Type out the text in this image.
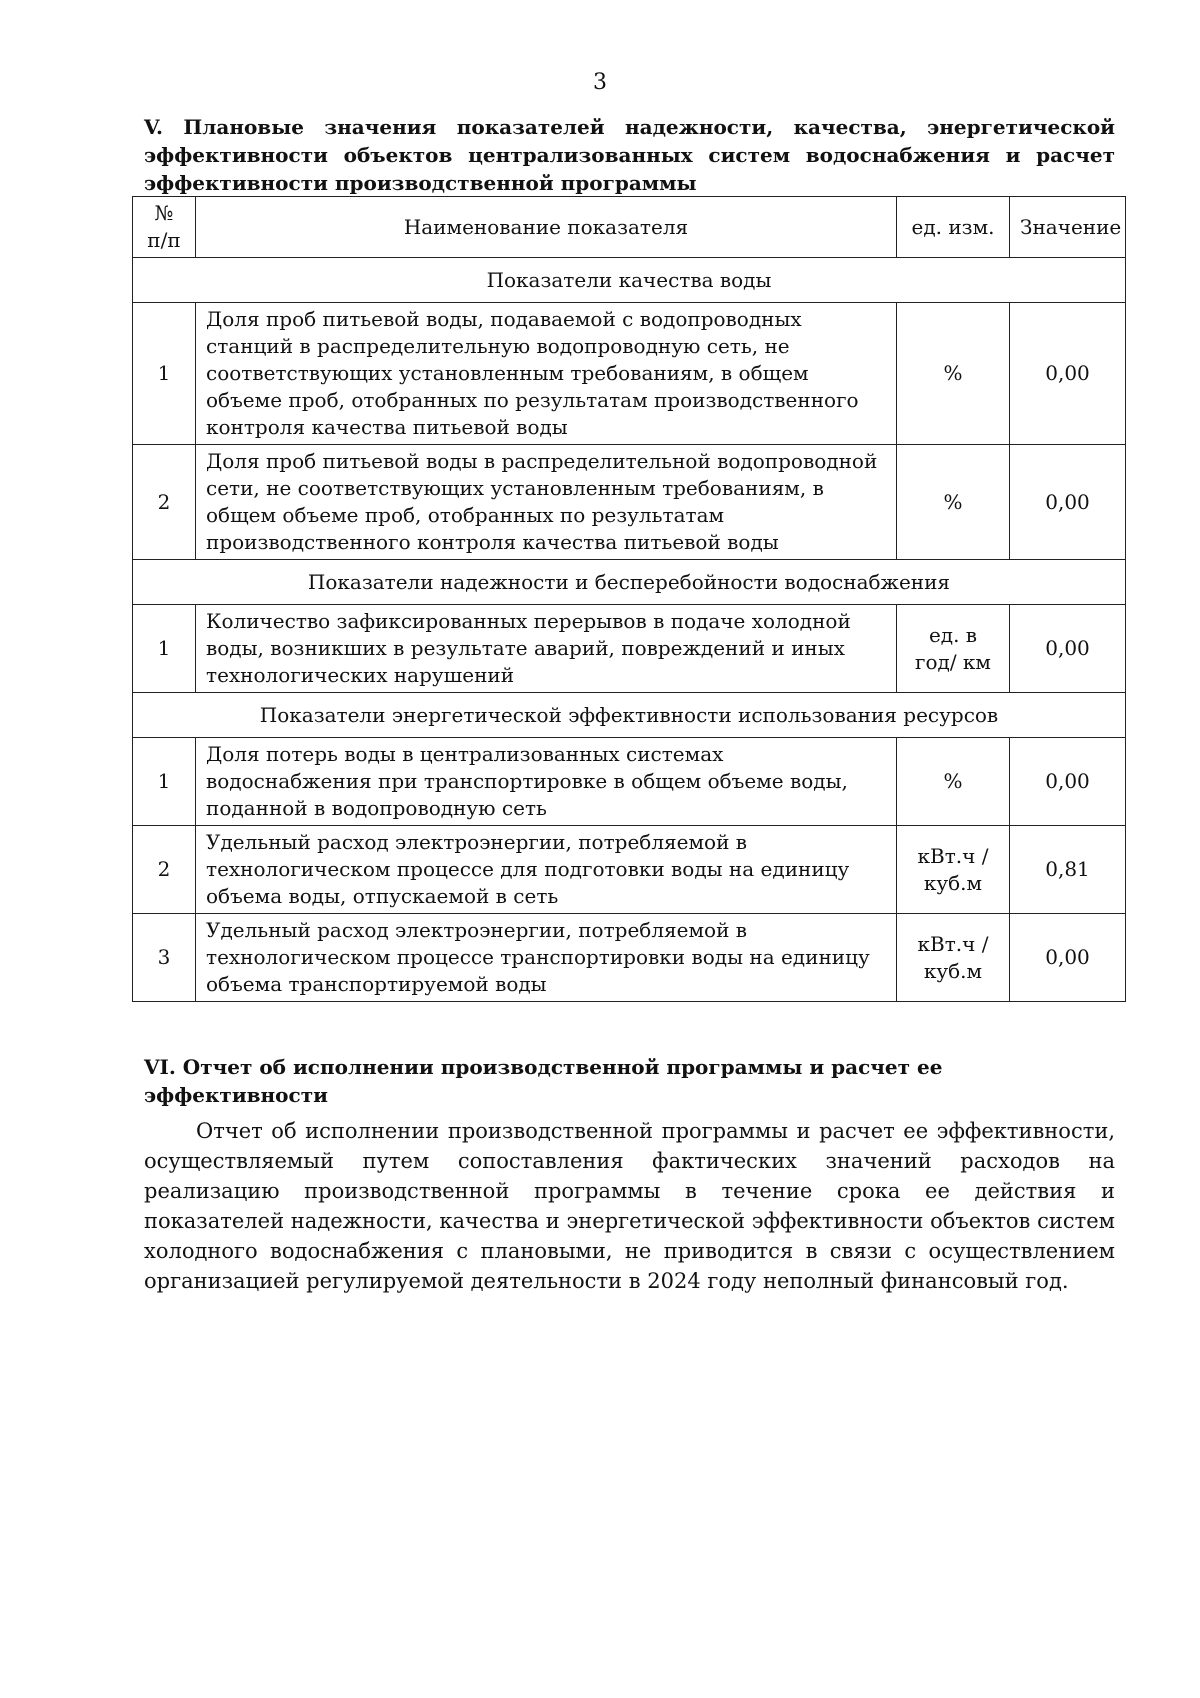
3
V. Плановые значения показателей надежности, качества, энергетической эффективности объектов централизованных систем водоснабжения и расчет эффективности производственной программы
№ п/п	Наименование показателя	ед. изм.	Значение
Показатели качества воды			
1	Доля проб питьевой воды, подаваемой с водопроводных станций в распределительную водопроводную сеть, не соответствующих установленным требованиям, в общем объеме проб, отобранных по результатам производственного контроля качества питьевой воды	%	0,00
2	Доля проб питьевой воды в распределительной водопроводной сети, не соответствующих установленным требованиям, в общем объеме проб, отобранных по результатам производственного контроля качества питьевой воды	%	0,00
Показатели надежности и бесперебойности водоснабжения			
1	Количество зафиксированных перерывов в подаче холодной воды, возникших в результате аварий, повреждений и иных технологических нарушений	ед. в год/ км	0,00
Показатели энергетической эффективности использования ресурсов			
1	Доля потерь воды в централизованных системах водоснабжения при транспортировке в общем объеме воды, поданной в водопроводную сеть	%	0,00
2	Удельный расход электроэнергии, потребляемой в технологическом процессе для подготовки воды на единицу объема воды, отпускаемой в сеть	кВт.ч / куб.м	0,81
3	Удельный расход электроэнергии, потребляемой в технологическом процессе транспортировки воды на единицу объема транспортируемой воды	кВт.ч / куб.м	0,00
VI. Отчет об исполнении производственной программы и расчет ее эффективности

Отчет об исполнении производственной программы и расчет ее эффективности, осуществляемый путем сопоставления фактических значений расходов на реализацию производственной программы в течение срока ее действия и показателей надежности, качества и энергетической эффективности объектов систем холодного водоснабжения с плановыми, не приводится в связи с осуществлением организацией регулируемой деятельности в 2024 году неполный финансовый год.
